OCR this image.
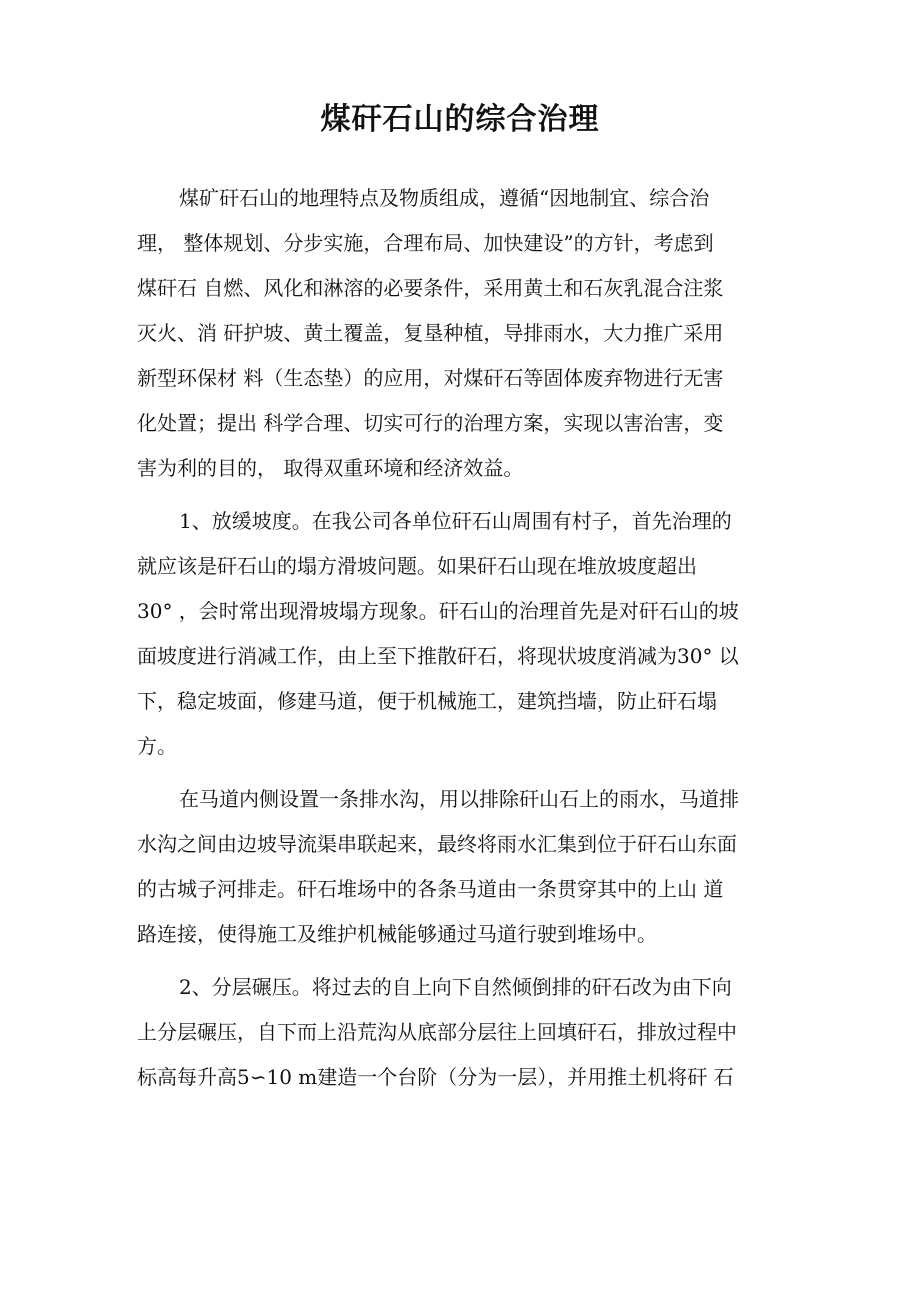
煤矸石山的综合治理
煤矿矸石山的地理特点及物质组成，遵循“因地制宜、综合治
理， 整体规划、分步实施，合理布局、加快建设”的方针，考虑到
煤矸石 自燃、风化和淋溶的必要条件，采用黄土和石灰乳混合注浆
灭火、消 矸护坡、黄土覆盖，复垦种植，导排雨水，大力推广采用
新型环保材 料（生态垫）的应用，对煤矸石等固体废弃物进行无害
化处置；提出 科学合理、切实可行的治理方案，实现以害治害，变
害为利的目的， 取得双重环境和经济效益。
1、放缓坡度。在我公司各单位矸石山周围有村子，首先治理的
就应该是矸石山的塌方滑坡问题。如果矸石山现在堆放坡度超出
30° ，会时常出现滑坡塌方现象。矸石山的治理首先是对矸石山的坡
面坡度进行消减工作，由上至下推散矸石，将现状坡度消减为30° 以
下，稳定坡面，修建马道，便于机械施工，建筑挡墙，防止矸石塌
方。
在马道内侧设置一条排水沟，用以排除矸山石上的雨水，马道排
水沟之间由边坡导流渠串联起来，最终将雨水汇集到位于矸石山东面
的古城子河排走。矸石堆场中的各条马道由一条贯穿其中的上山 道
路连接，使得施工及维护机械能够通过马道行驶到堆场中。
2、分层碾压。将过去的自上向下自然倾倒排的矸石改为由下向
上分层碾压，自下而上沿荒沟从底部分层往上回填矸石，排放过程中
标高每升高5∽10 m建造一个台阶（分为一层），并用推土机将矸 石
